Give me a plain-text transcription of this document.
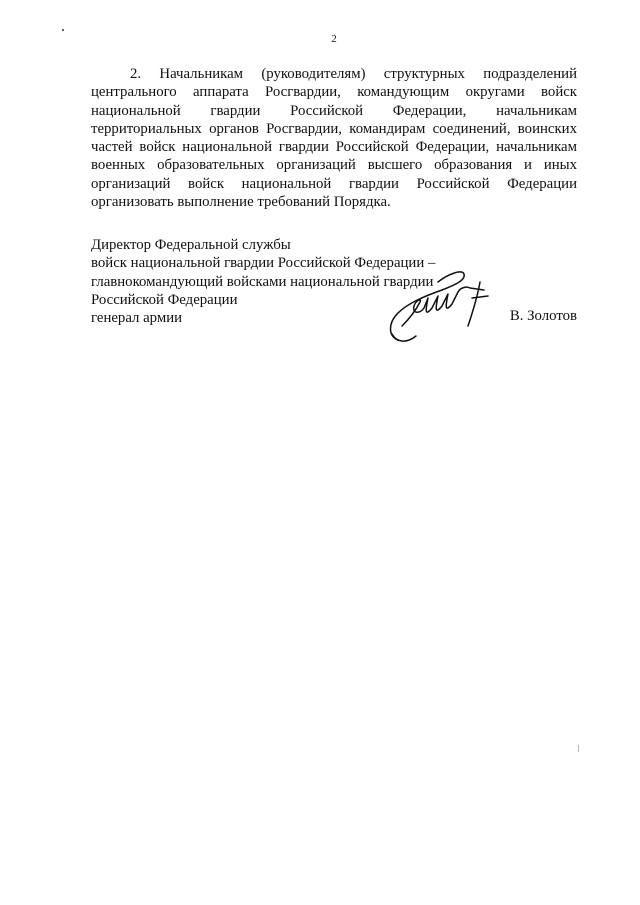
2
2. Начальникам (руководителям) структурных подразделений
центрального аппарата Росгвардии, командующим округами войск
национальной гвардии Российской Федерации, начальникам
территориальных органов Росгвардии, командирам соединений, воинских
частей войск национальной гвардии Российской Федерации, начальникам
военных образовательных организаций высшего образования и иных
организаций войск национальной гвардии Российской Федерации
организовать выполнение требований Порядка.
Директор Федеральной службы
войск национальной гвардии Российской Федерации –
главнокомандующий войсками национальной гвардии
Российской Федерации
генерал армии	В. Золотов
